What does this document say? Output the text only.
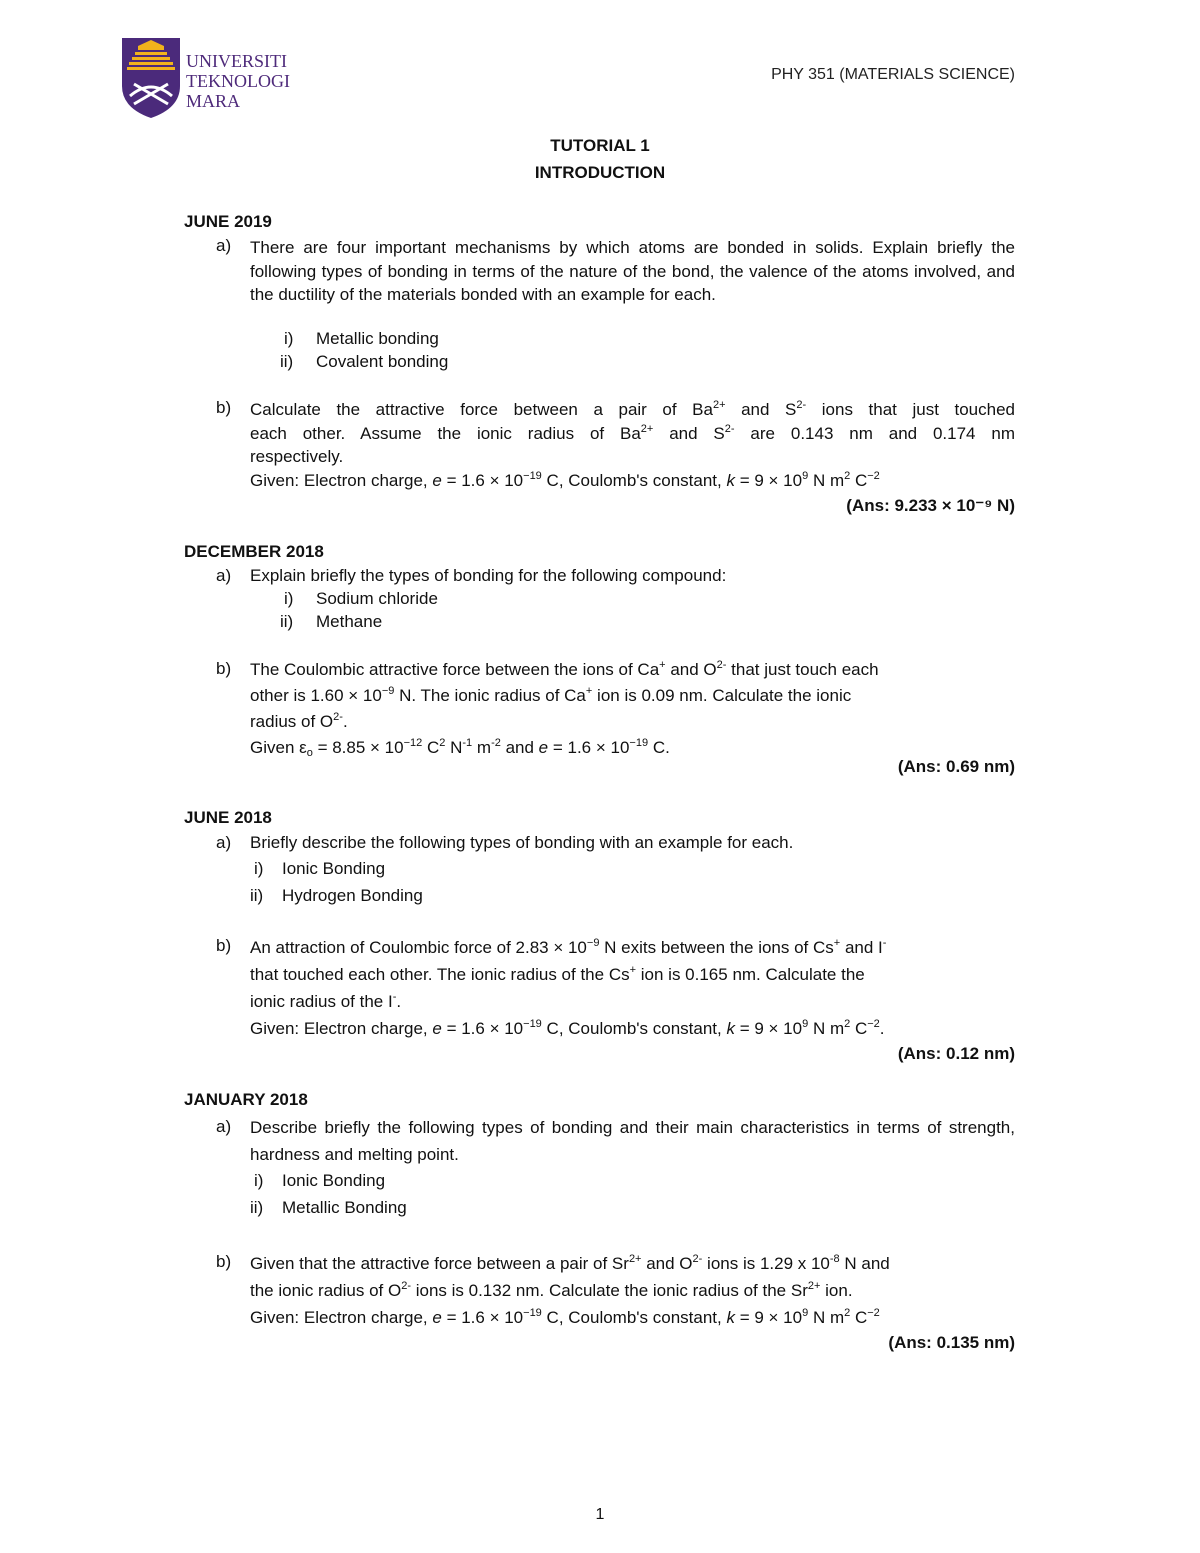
UNIVERSITI
TEKNOLOGI
MARA
PHY 351 (MATERIALS SCIENCE)
TUTORIAL 1
INTRODUCTION
JUNE 2019
a) There are four important mechanisms by which atoms are bonded in solids. Explain briefly the following types of bonding in terms of the nature of the bond, the valence of the atoms involved, and the ductility of the materials bonded with an example for each.
i) Metallic bonding
ii) Covalent bonding
b) Calculate the attractive force between a pair of $Ba^{2+}$ and $S^{2-}$ ions that just touched
each other. Assume the ionic radius of $Ba^{2+}$ and $S^{2-}$ are 0.143 nm and 0.174 nm
respectively.
Given: Electron charge, $e = 1.6 \times 10^{-19}$ C, Coulomb's constant, $k = 9 \times 10^9$ N $m^2$ $C^{-2}$
(Ans: 9.233 × 10⁻⁹ N)
DECEMBER 2018
a) Explain briefly the types of bonding for the following compound:
i) Sodium chloride
ii) Methane
b) The Coulombic attractive force between the ions of Ca+ and $O^{2-}$ that just touch each
other is $1.60 \times 10^{-9}$ N. The ionic radius of Ca+ ion is 0.09 nm. Calculate the ionic
radius of $O^{2-}$.
Given $\varepsilon_o = 8.85 \times 10^{-12}$ $C^2$ $N^{-1}$ $m^{-2}$ and $e = 1.6 \times 10^{-19}$ C.
(Ans: 0.69 nm)
JUNE 2018
a) Briefly describe the following types of bonding with an example for each.
i) Ionic Bonding
ii) Hydrogen Bonding
b) An attraction of Coulombic force of $2.83 \times 10^{-9}$ N exits between the ions of Cs+ and I-
that touched each other. The ionic radius of the Cs+ ion is 0.165 nm. Calculate the
ionic radius of the I-.
Given: Electron charge, $e = 1.6 \times 10^{-19}$ C, Coulomb's constant, $k = 9 \times 10^9$ N $m^2$ $C^{-2}$.
(Ans: 0.12 nm)
JANUARY 2018
a) Describe briefly the following types of bonding and their main characteristics in terms of strength, hardness and melting point.
i) Ionic Bonding
ii) Metallic Bonding
b) Given that the attractive force between a pair of $Sr^{2+}$ and $O^{2-}$ ions is 1.29 x $10^{-8}$ N and
the ionic radius of $O^{2-}$ ions is 0.132 nm. Calculate the ionic radius of the $Sr^{2+}$ ion.
Given: Electron charge, $e = 1.6 \times 10^{-19}$ C, Coulomb's constant, $k = 9 \times 10^9$ N $m^2$ $C^{-2}$
(Ans: 0.135 nm)
1
